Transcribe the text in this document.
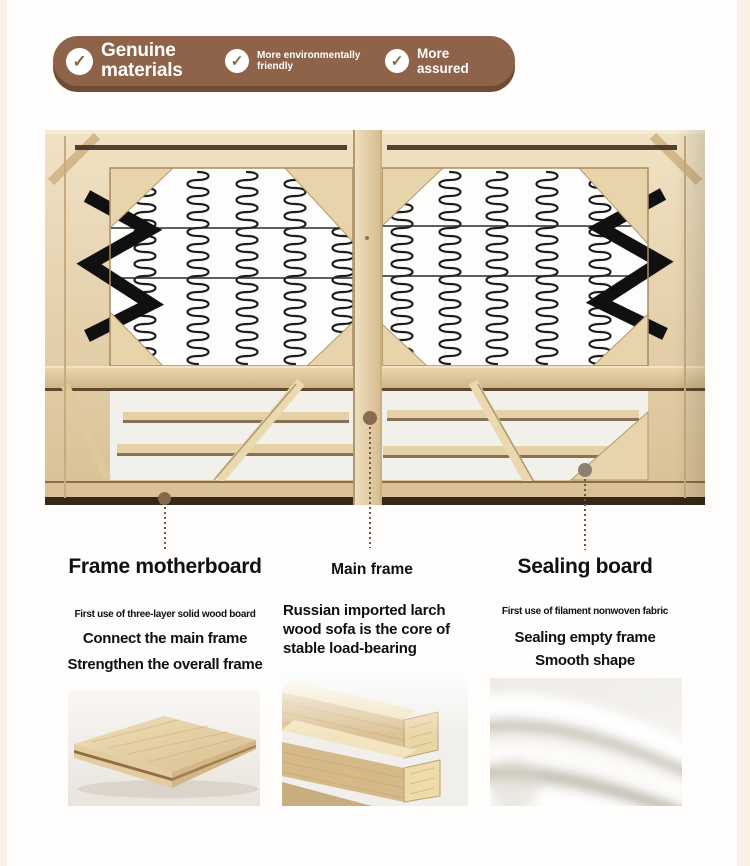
✓ Genuine
materials	✓ More environmentally
friendly	✓ More
assured
Frame motherboard
First use of three-layer solid wood board
Connect the main frame
Strengthen the overall frame
Main frame
Russian imported larch
wood sofa is the core of
stable load-bearing
Sealing board
First use of filament nonwoven fabric
Sealing empty frame
Smooth shape
